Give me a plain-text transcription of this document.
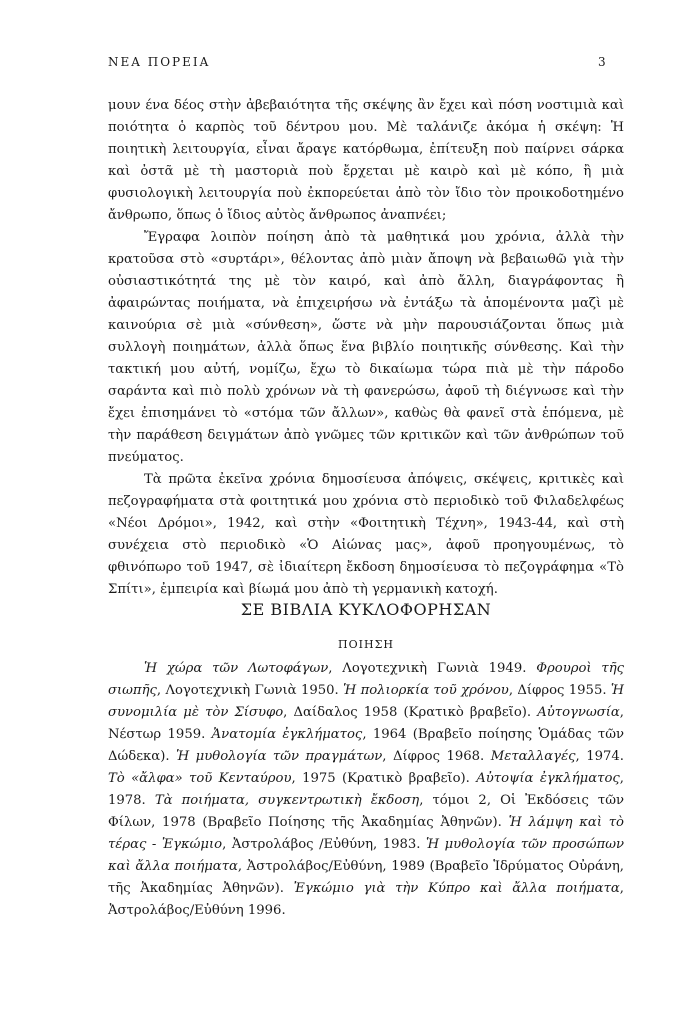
ΝΕΑ ΠΟΡΕΙΑ	3

μουν ένα δέος στὴν ἀβεβαιότητα τῆς σκέψης ἂν ἔχει καὶ πόση νοστιμιὰ καὶ ποιότητα ὁ καρπὸς τοῦ δέντρου μου. Μὲ ταλάνιζε ἀκόμα ἡ σκέψη: Ἡ ποιητικὴ λειτουργία, εἶναι ἄραγε κατόρθωμα, ἐπίτευξη ποὺ παίρνει σάρκα καὶ ὀστᾶ μὲ τὴ μαστοριὰ ποὺ ἔρχεται μὲ καιρὸ καὶ μὲ κόπο, ἢ μιὰ φυσιολογικὴ λειτουργία ποὺ ἐκπορεύεται ἀπὸ τὸν ἴδιο τὸν προικοδοτημένο ἄνθρωπο, ὅπως ὁ ἴδιος αὐτὸς ἄνθρωπος ἀναπνέει;

Ἔγραφα λοιπὸν ποίηση ἀπὸ τὰ μαθητικά μου χρόνια, ἀλλὰ τὴν κρατοῦσα στὸ «συρτάρι», θέλοντας ἀπὸ μιὰν ἄποψη νὰ βεβαιωθῶ γιὰ τὴν οὐσιαστικότητά της μὲ τὸν καιρό, καὶ ἀπὸ ἄλλη, διαγράφοντας ἢ ἀφαιρώντας ποιήματα, νὰ ἐπιχειρήσω νὰ ἐντάξω τὰ ἀπομένοντα μαζὶ μὲ καινούρια σὲ μιὰ «σύνθεση», ὥστε νὰ μὴν παρουσιάζονται ὅπως μιὰ συλλογὴ ποιημάτων, ἀλλὰ ὅπως ἕνα βιβλίο ποιητικῆς σύνθεσης. Καὶ τὴν τακτική μου αὐτή, νομίζω, ἔχω τὸ δικαίωμα τώρα πιὰ μὲ τὴν πάροδο σαράντα καὶ πιὸ πολὺ χρόνων νὰ τὴ φανερώσω, ἀφοῦ τὴ διέγνωσε καὶ τὴν ἔχει ἐπισημάνει τὸ «στόμα τῶν ἄλλων», καθὼς θὰ φανεῖ στὰ ἑπόμενα, μὲ τὴν παράθεση δειγμάτων ἀπὸ γνῶμες τῶν κριτικῶν καὶ τῶν ἀνθρώπων τοῦ πνεύματος.

Τὰ πρῶτα ἐκεῖνα χρόνια δημοσίευσα ἀπόψεις, σκέψεις, κριτικὲς καὶ πεζογραφήματα στὰ φοιτητικά μου χρόνια στὸ περιοδικὸ τοῦ Φιλαδελφέως «Νέοι Δρόμοι», 1942, καὶ στὴν «Φοιτητικὴ Τέχνη», 1943-44, καὶ στὴ συνέχεια στὸ περιοδικὸ «Ὁ Αἰώνας μας», ἀφοῦ προηγουμένως, τὸ φθινόπωρο τοῦ 1947, σὲ ἰδιαίτερη ἔκδοση δημοσίευσα τὸ πεζογράφημα «Τὸ Σπίτι», ἐμπειρία καὶ βίωμά μου ἀπὸ τὴ γερμανικὴ κατοχή.

ΣΕ ΒΙΒΛΙΑ ΚΥΚΛΟΦΟΡΗΣΑΝ
ΠΟΙΗΣΗ
Ἡ χώρα τῶν Λωτοφάγων, Λογοτεχνικὴ Γωνιὰ 1949. Φρουροὶ τῆς σιωπῆς, Λογοτεχνικὴ Γωνιὰ 1950. Ἡ πολιορκία τοῦ χρόνου, Δίφρος 1955. Ἡ συνομιλία μὲ τὸν Σίσυφο, Δαίδαλος 1958 (Κρατικὸ βραβεῖο). Αὐτογνωσία, Νέστωρ 1959. Ἀνατομία ἐγκλήματος, 1964 (Βραβεῖο ποίησης Ὁμάδας τῶν Δώδεκα). Ἡ μυθολογία τῶν πραγμάτων, Δίφρος 1968. Μεταλλαγές, 1974. Τὸ «ἄλφα» τοῦ Κενταύρου, 1975 (Κρατικὸ βραβεῖο). Αὐτοψία ἐγκλήματος, 1978. Τὰ ποιήματα, συγκεντρωτικὴ ἔκδοση, τόμοι 2, Οἱ Ἐκδόσεις τῶν Φίλων, 1978 (Βραβεῖο Ποίησης τῆς Ἀκαδημίας Ἀθηνῶν). Ἡ λάμψη καὶ τὸ τέρας - Ἐγκώμιο, Ἀστρολάβος /Εὐθύνη, 1983. Ἡ μυθολογία τῶν προσώπων καὶ ἄλλα ποιήματα, Ἀστρολάβος/Εὐθύνη, 1989 (Βραβεῖο Ἱδρύματος Οὐράνη, τῆς Ἀκαδημίας Ἀθηνῶν). Ἐγκώμιο γιὰ τὴν Κύπρο καὶ ἄλλα ποιήματα, Ἀστρολάβος/Εὐθύνη 1996.
